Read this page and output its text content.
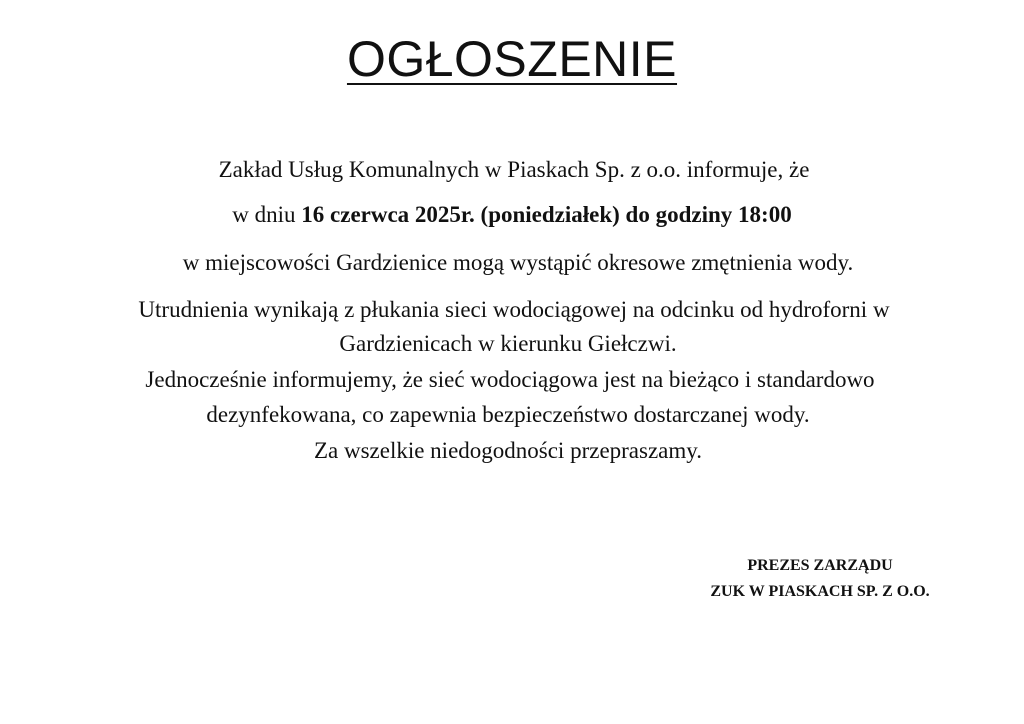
OGŁOSZENIE
Zakład Usług Komunalnych w Piaskach Sp. z o.o. informuje, że
w dniu 16 czerwca 2025r. (poniedziałek) do godziny 18:00
w miejscowości Gardzienice mogą wystąpić okresowe zmętnienia wody.
Utrudnienia wynikają z płukania sieci wodociągowej na odcinku od hydroforni w
Gardzienicach w kierunku Giełczwi.
Jednocześnie informujemy, że sieć wodociągowa jest na bieżąco i standardowo
dezynfekowana, co zapewnia bezpieczeństwo dostarczanej wody.
Za wszelkie niedogodności przepraszamy.
PREZES ZARZĄDU
ZUK W PIASKACH SP. Z O.O.
